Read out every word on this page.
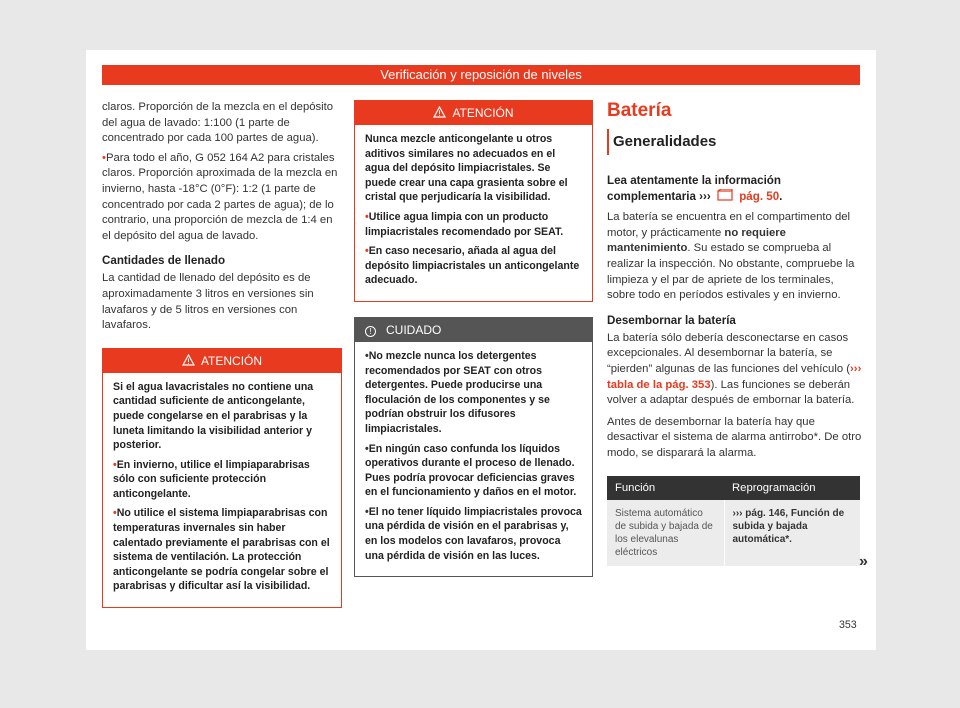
Verificación y reposición de niveles

claros. Proporción de la mezcla en el depósito del agua de lavado: 1:100 (1 parte de concentrado por cada 100 partes de agua).

• Para todo el año, G 052 164 A2 para cristales claros. Proporción aproximada de la mezcla en invierno, hasta -18°C (0°F): 1:2 (1 parte de concentrado por cada 2 partes de agua); de lo contrario, una proporción de mezcla de 1:4 en el depósito del agua de lavado.

Cantidades de llenado

La cantidad de llenado del depósito es de aproximadamente 3 litros en versiones sin lavafaros y de 5 litros en versiones con lavafaros.

ATENCIÓN
Si el agua lavacristales no contiene una cantidad suficiente de anticongelante, puede congelarse en el parabrisas y la luneta limitando la visibilidad anterior y posterior.
• En invierno, utilice el limpiaparabrisas sólo con suficiente protección anticongelante.
• No utilice el sistema limpiaparabrisas con temperaturas invernales sin haber calentado previamente el parabrisas con el sistema de ventilación. La protección anticongelante se podría congelar sobre el parabrisas y dificultar así la visibilidad.
ATENCIÓN
Nunca mezcle anticongelante u otros aditivos similares no adecuados en el agua del depósito limpiacristales. Se puede crear una capa grasienta sobre el cristal que perjudicaría la visibilidad.
• Utilice agua limpia con un producto limpiacristales recomendado por SEAT.
• En caso necesario, añada al agua del depósito limpiacristales un anticongelante adecuado.
! CUIDADO
• No mezcle nunca los detergentes recomendados por SEAT con otros detergentes. Puede producirse una floculación de los componentes y se podrían obstruir los difusores limpiacristales.
• En ningún caso confunda los líquidos operativos durante el proceso de llenado. Pues podría provocar deficiencias graves en el funcionamiento y daños en el motor.
• El no tener líquido limpiacristales provoca una pérdida de visión en el parabrisas y, en los modelos con lavafaros, provoca una pérdida de visión en las luces.
Batería
Generalidades

Lea atentamente la información complementaria ››› pág. 50.

La batería se encuentra en el compartimento del motor, y prácticamente no requiere mantenimiento. Su estado se comprueba al realizar la inspección. No obstante, compruebe la limpieza y el par de apriete de los terminales, sobre todo en períodos estivales y en invierno.

Desembornar la batería

La batería sólo debería desconectarse en casos excepcionales. Al desembornar la batería, se “pierden” algunas de las funciones del vehículo (››› tabla de la pág. 353). Las funciones se deberán volver a adaptar después de embornar la batería.

Antes de desembornar la batería hay que desactivar el sistema de alarma antirrobo*. De otro modo, se disparará la alarma.

Función	Reprogramación
Sistema automático de subida y bajada de los elevalunas eléctricos	››› pág. 146, Función de subida y bajada automática*.
»
353
